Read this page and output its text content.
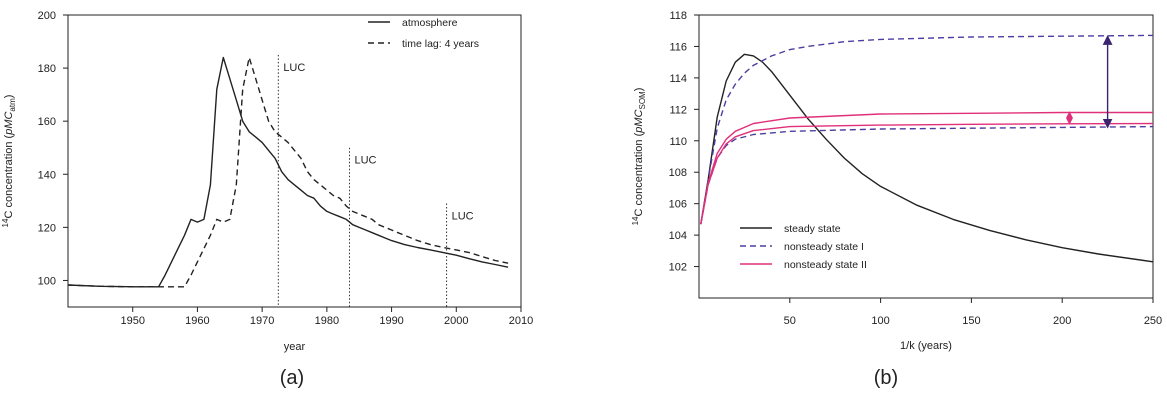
1950	1960	1970	1980	1990	2000	2010
100
120
140
160
180
200
year
$^{14}$C concentration (pMC$_{atm}$)
LUC
LUC
LUC
atmosphere
time lag: 4 years
(a)
50	100	150	200	250
102
104
106
108
110
112
114
116
118
1/k (years)
$^{14}$C concentration (pMC$_{SOM}$)
steady state
nonsteady state I
nonsteady state II
(b)
